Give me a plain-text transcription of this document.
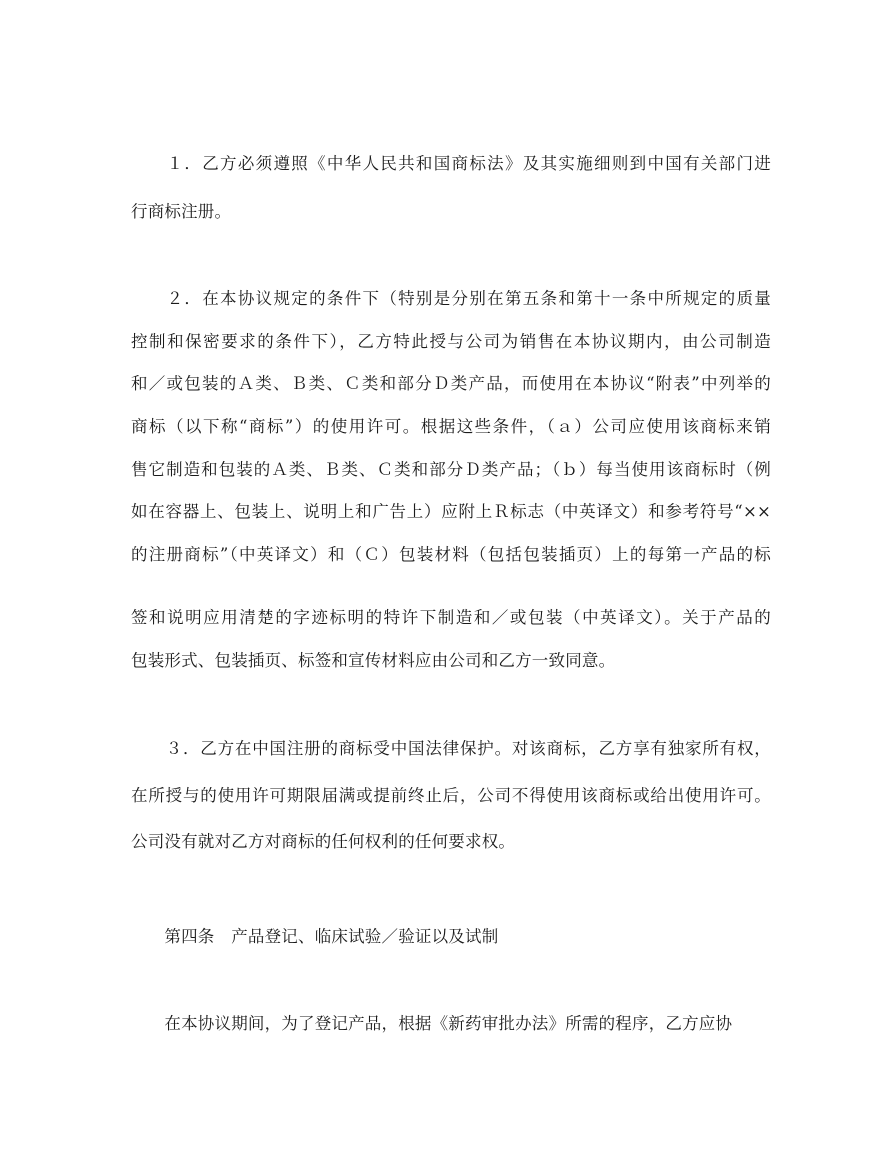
　　１．乙方必须遵照《中华人民共和国商标法》及其实施细则到中国有关部门进
行商标注册。
　　２．在本协议规定的条件下（特别是分别在第五条和第十一条中所规定的质量
控制和保密要求的条件下），乙方特此授与公司为销售在本协议期内，由公司制造
和／或包装的Ａ类、Ｂ类、Ｃ类和部分Ｄ类产品，而使用在本协议“附表”中列举的
商标（以下称“商标”）的使用许可。根据这些条件，（ａ）公司应使用该商标来销
售它制造和包装的Ａ类、Ｂ类、Ｃ类和部分Ｄ类产品；（ｂ）每当使用该商标时（例
如在容器上、包装上、说明上和广告上）应附上Ｒ标志（中英译文）和参考符号“××
的注册商标”（中英译文）和（Ｃ）包装材料（包括包装插页）上的每第一产品的标
签和说明应用清楚的字迹标明的特许下制造和／或包装（中英译文）。关于产品的
包装形式、包装插页、标签和宣传材料应由公司和乙方一致同意。
　　３．乙方在中国注册的商标受中国法律保护。对该商标，乙方享有独家所有权，
在所授与的使用许可期限届满或提前终止后，公司不得使用该商标或给出使用许可。
公司没有就对乙方对商标的任何权利的任何要求权。
　　第四条　产品登记、临床试验／验证以及试制
　　在本协议期间，为了登记产品，根据《新药审批办法》所需的程序，乙方应协
